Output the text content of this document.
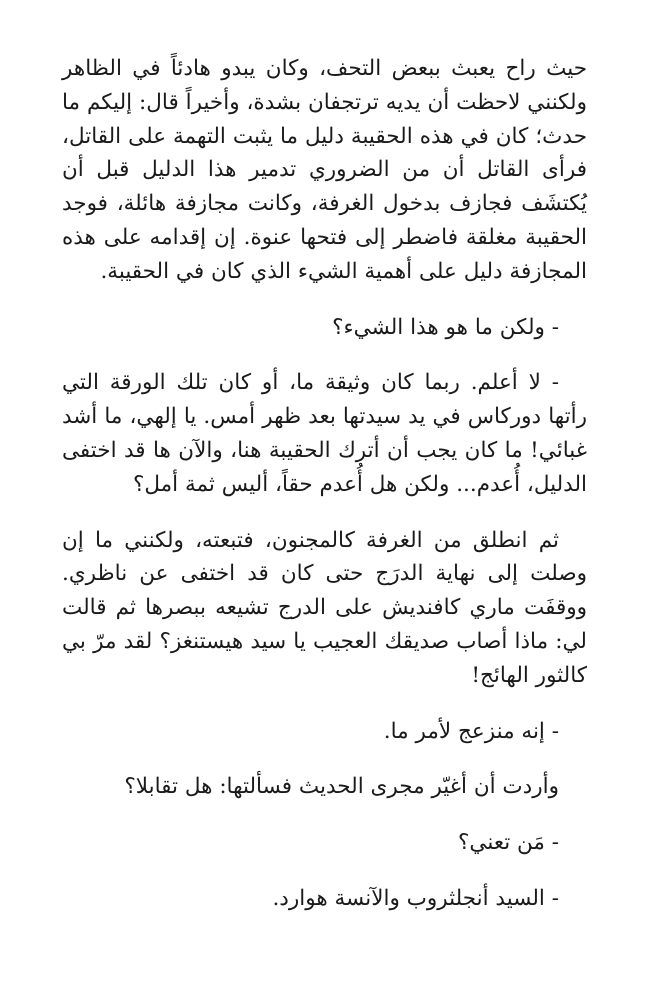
حيث راح يعبث ببعض التحف، وكان يبدو هادئاً في الظاهر ولكنني لاحظت أن يديه ترتجفان بشدة، وأخيراً قال: إليكم ما حدث؛ كان في هذه الحقيبة دليل ما يثبت التهمة على القاتل، فرأى القاتل أن من الضروري تدمير هذا الدليل قبل أن يُكتشَف فجازف بدخول الغرفة، وكانت مجازفة هائلة، فوجد الحقيبة مغلقة فاضطر إلى فتحها عنوة. إن إقدامه على هذه المجازفة دليل على أهمية الشيء الذي كان في الحقيبة.

- ولكن ما هو هذا الشيء؟

- لا أعلم. ربما كان وثيقة ما، أو كان تلك الورقة التي رأتها دوركاس في يد سيدتها بعد ظهر أمس. يا إلهي، ما أشد غبائي! ما كان يجب أن أترك الحقيبة هنا، والآن ها قد اختفى الدليل، أُعدم... ولكن هل أُعدم حقاً، أليس ثمة أمل؟

ثم انطلق من الغرفة كالمجنون، فتبعته، ولكنني ما إن وصلت إلى نهاية الدرَج حتى كان قد اختفى عن ناظري. ووقفَت ماري كافنديش على الدرج تشيعه ببصرها ثم قالت لي: ماذا أصاب صديقك العجيب يا سيد هيستنغز؟ لقد مرّ بي كالثور الهائج!

- إنه منزعج لأمر ما.

وأردت أن أغيّر مجرى الحديث فسألتها: هل تقابلا؟

- مَن تعني؟

- السيد أنجلثروب والآنسة هوارد.
